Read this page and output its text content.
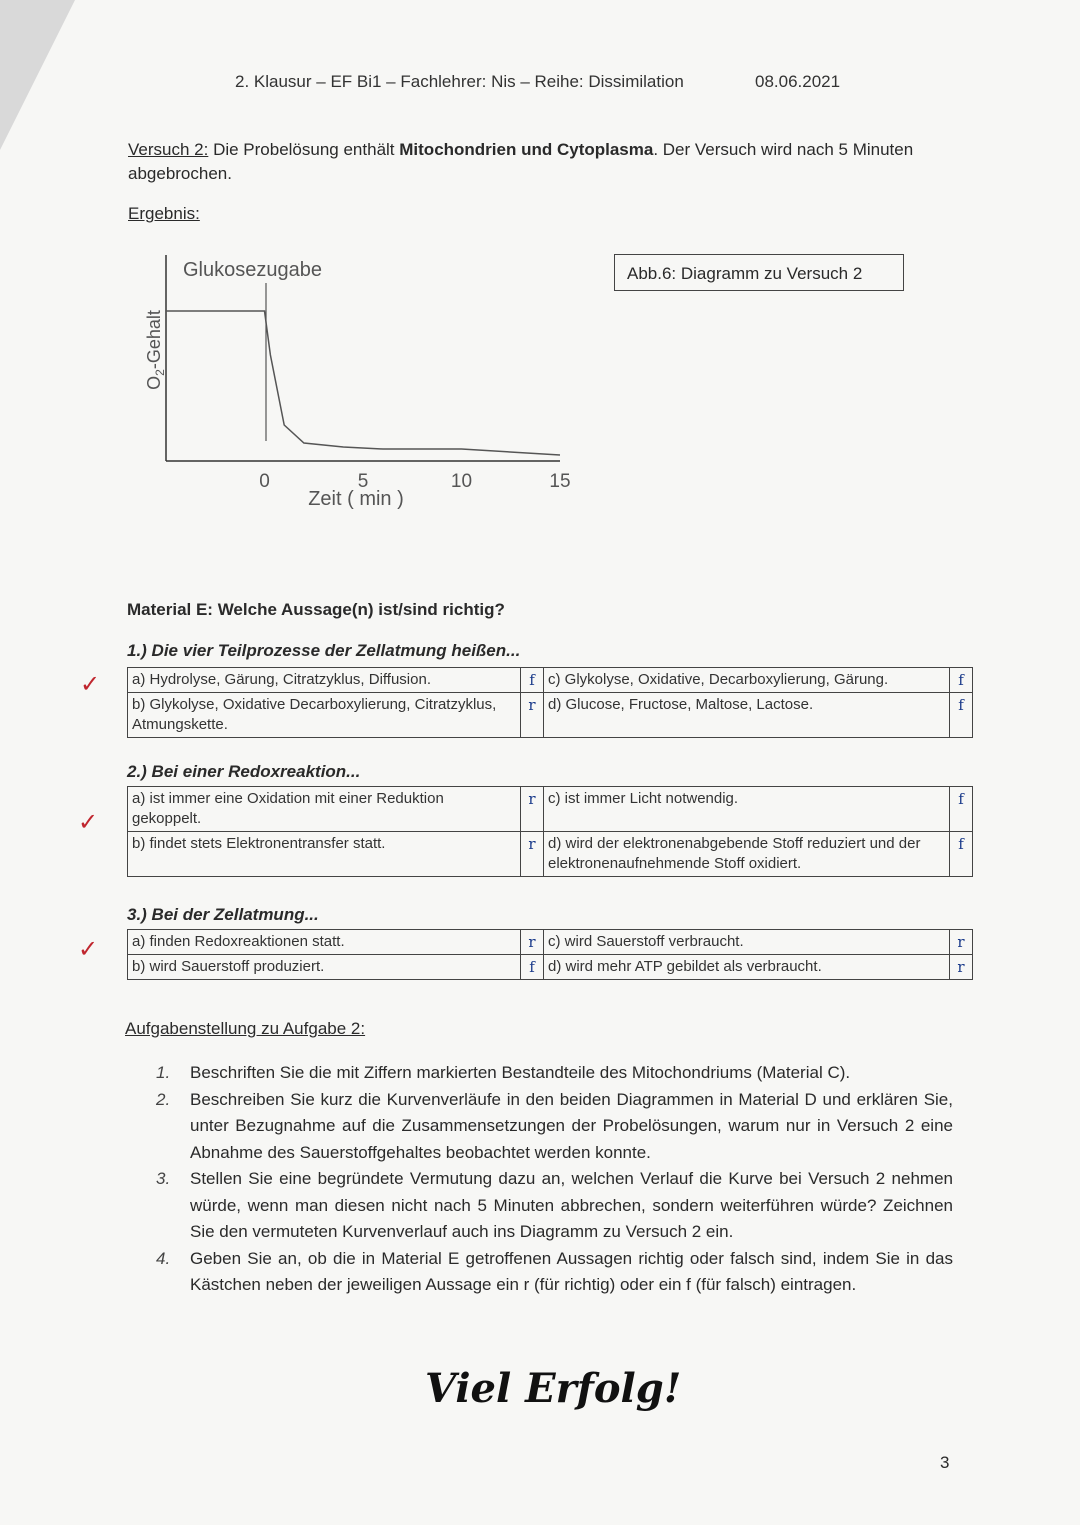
2. Klausur – EF Bi1 – Fachlehrer: Nis – Reihe: Dissimilation	08.06.2021
Versuch 2: Die Probelösung enthält Mitochondrien und Cytoplasma. Der Versuch wird nach 5 Minuten abgebrochen.
Ergebnis:
Glukosezugabe
$O_2$-Gehalt
0	5	10	15
Zeit ( min )
Abb.6: Diagramm zu Versuch 2
Material E: Welche Aussage(n) ist/sind richtig?
1.) Die vier Teilprozesse der Zellatmung heißen...
✓ a) Hydrolyse, Gärung, Citratzyklus, Diffusion.	f	c) Glykolyse, Oxidative, Decarboxylierung, Gärung.	f
b) Glykolyse, Oxidative Decarboxylierung, Citratzyklus, Atmungskette.	r	d) Glucose, Fructose, Maltose, Lactose.	f
2.) Bei einer Redoxreaktion...
✓
a) ist immer eine Oxidation mit einer Reduktion gekoppelt.	r	c) ist immer Licht notwendig.	f
b) findet stets Elektronentransfer statt.	r	d) wird der elektronenabgebende Stoff reduziert und der elektronenaufnehmende Stoff oxidiert.	f
3.) Bei der Zellatmung...
✓ a) finden Redoxreaktionen statt.	r	c) wird Sauerstoff verbraucht.	r
b) wird Sauerstoff produziert.	f	d) wird mehr ATP gebildet als verbraucht.	r
Aufgabenstellung zu Aufgabe 2:
1. Beschriften Sie die mit Ziffern markierten Bestandteile des Mitochondriums (Material C).
2. Beschreiben Sie kurz die Kurvenverläufe in den beiden Diagrammen in Material D und erklären Sie, unter Bezugnahme auf die Zusammensetzungen der Probelösungen, warum nur in Versuch 2 eine Abnahme des Sauerstoffgehaltes beobachtet werden konnte.
3. Stellen Sie eine begründete Vermutung dazu an, welchen Verlauf die Kurve bei Versuch 2 nehmen würde, wenn man diesen nicht nach 5 Minuten abbrechen, sondern weiterführen würde? Zeichnen Sie den vermuteten Kurvenverlauf auch ins Diagramm zu Versuch 2 ein.
4. Geben Sie an, ob die in Material E getroffenen Aussagen richtig oder falsch sind, indem Sie in das Kästchen neben der jeweiligen Aussage ein r (für richtig) oder ein f (für falsch) eintragen.
Viel Erfolg!
3
